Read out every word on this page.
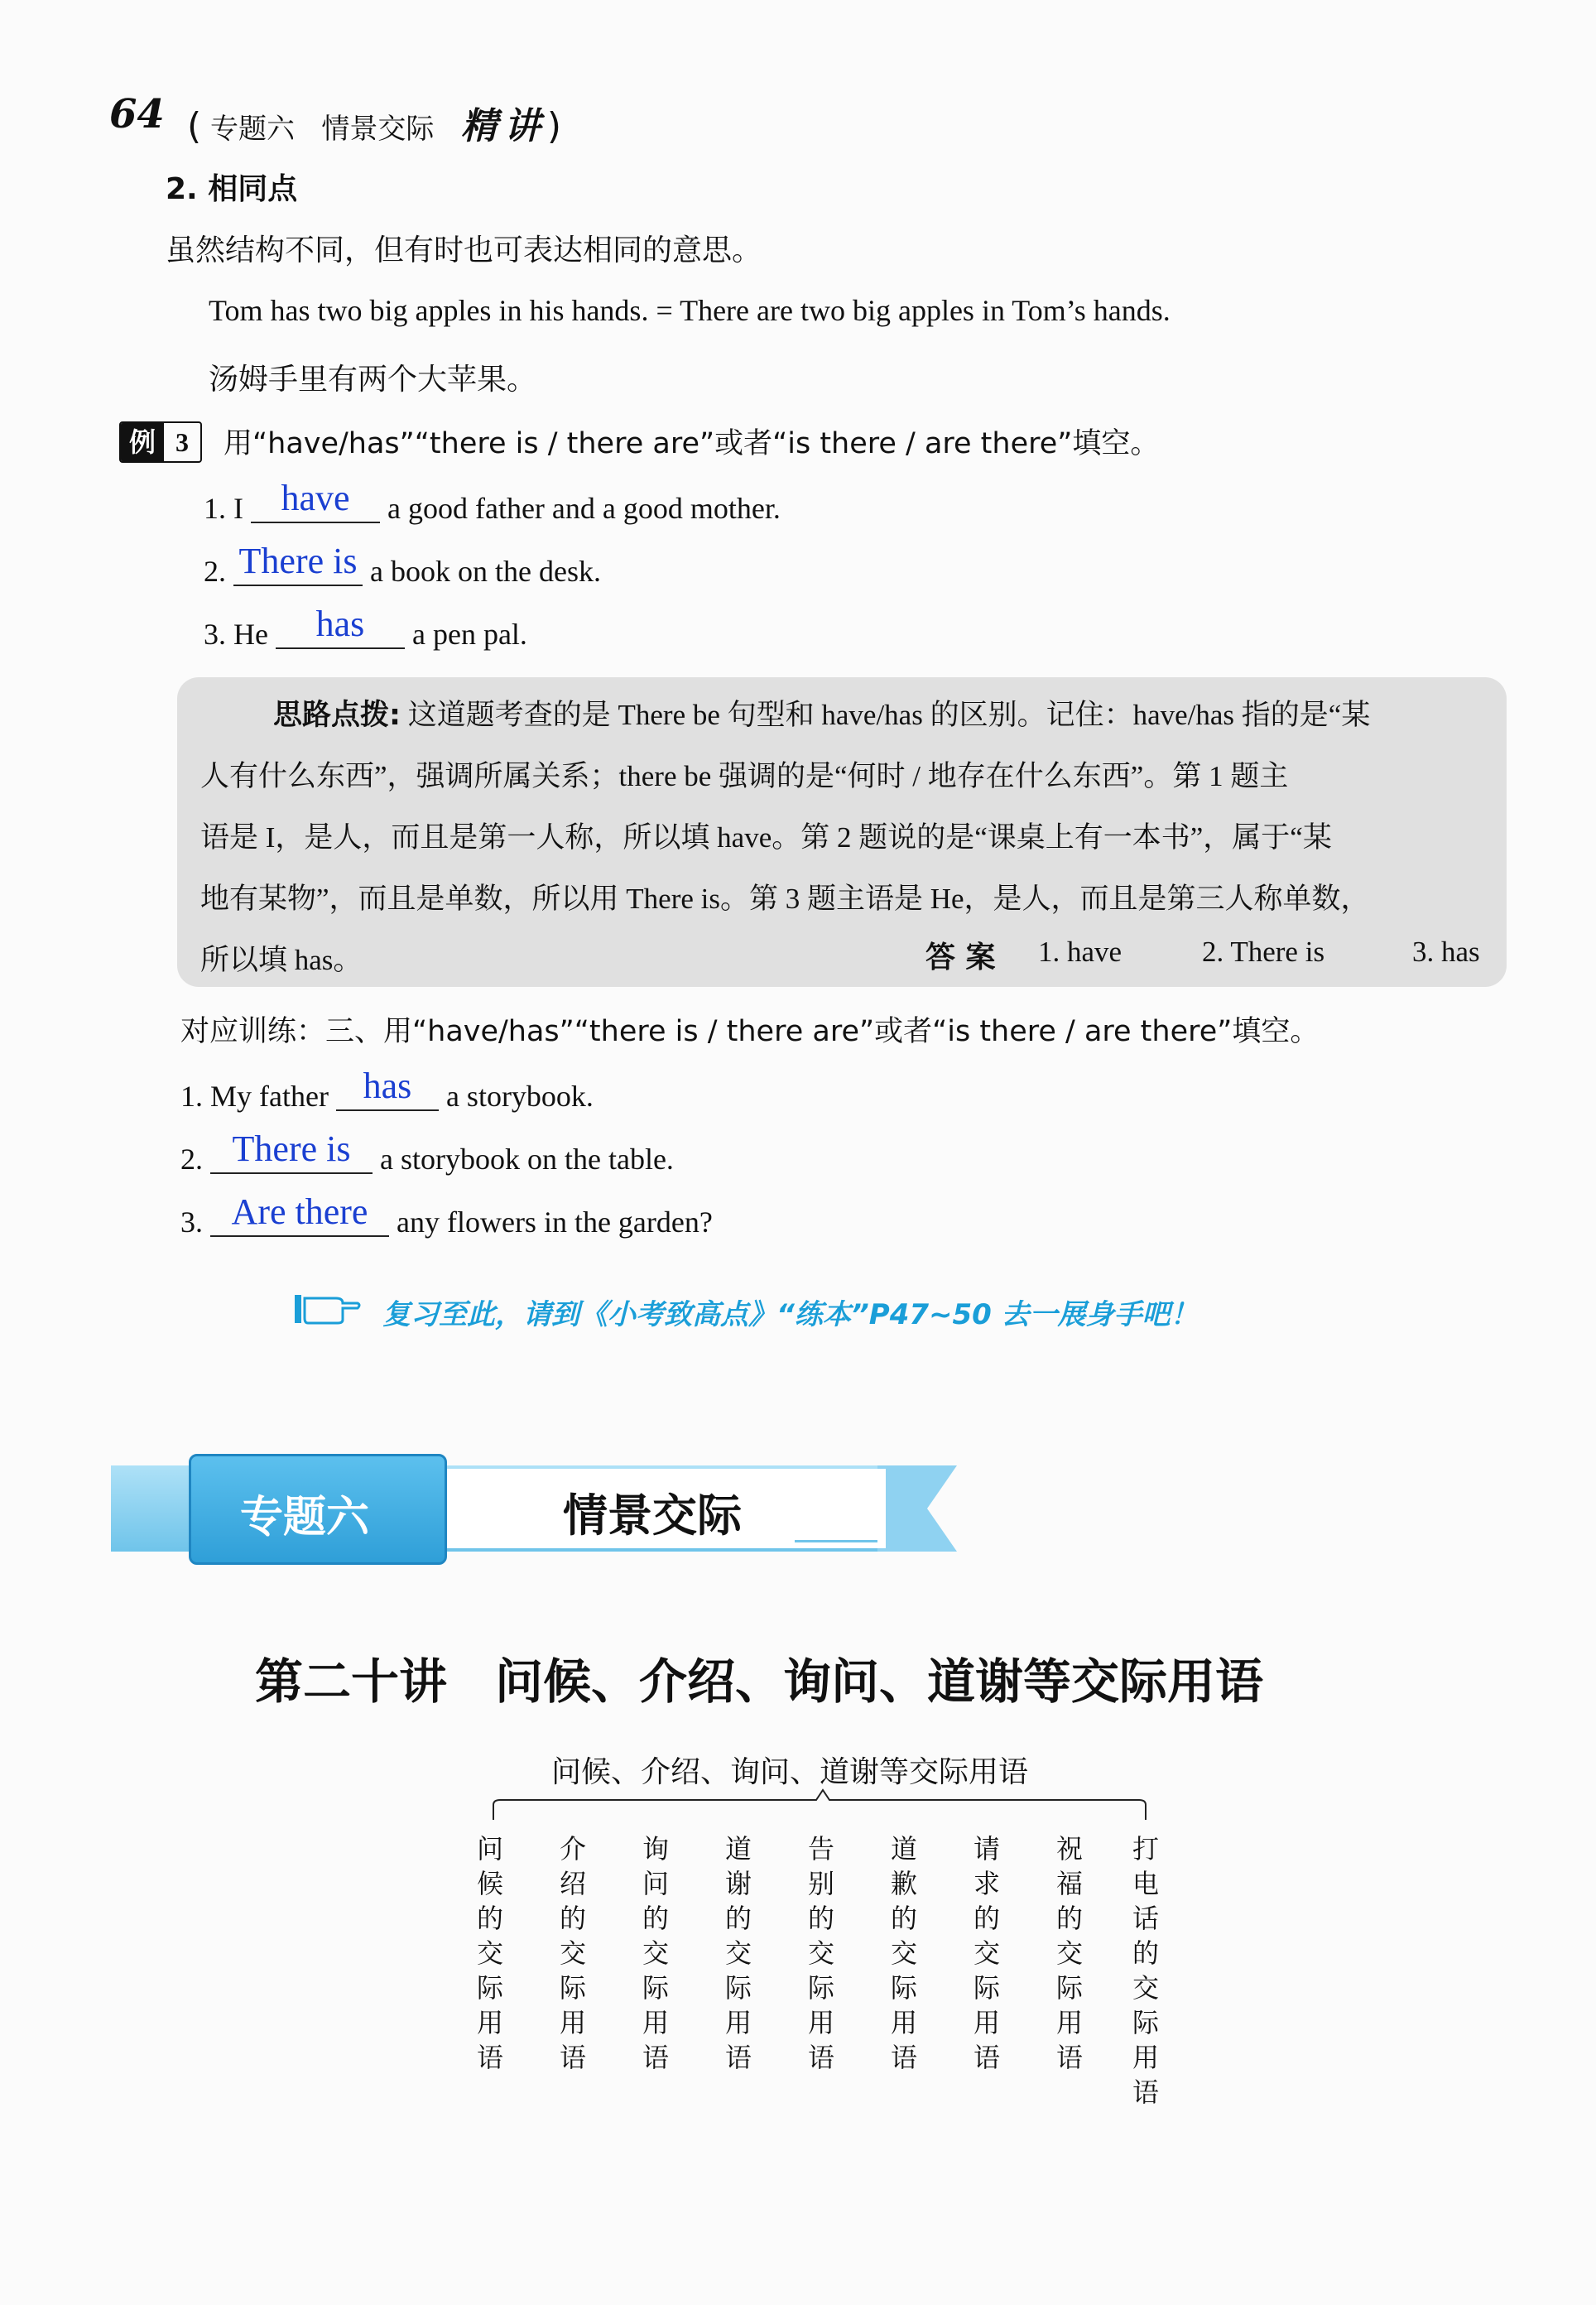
64 ( 专题六 情景交际 精讲)
2. 相同点
虽然结构不同，但有时也可表达相同的意思。
Tom has two big apples in his hands. = There are two big apples in Tom’s hands.
汤姆手里有两个大苹果。
例 3	用“have/has”“there is / there are”或者“is there / are there”填空。
1. I have a good father and a good mother.
2. There is a book on the desk.
3. He has a pen pal.
思路点拨: 这道题考查的是 There be 句型和 have/has 的区别。记住：have/has 指的是“某
人有什么东西”，强调所属关系；there be 强调的是“何时 / 地存在什么东西”。第 1 题主
语是 I，是人，而且是第一人称，所以填 have。第 2 题说的是“课桌上有一本书”，属于“某
地有某物”，而且是单数，所以用 There is。第 3 题主语是 He，是人，而且是第三人称单数，
所以填 has。	答 案 1. have	2. There is	3. has
对应训练：三、用“have/has”“there is / there are”或者“is there / are there”填空。
1. My father has a storybook.
2. There is a storybook on the table.
3. Are there any flowers in the garden?
复习至此，请到《小考致高点》“练本”P47~50 去一展身手吧！
专题六	情景交际
第二十讲　问候、介绍、询问、道谢等交际用语
问候、介绍、询问、道谢等交际用语
问候的交际用语
介绍的交际用语
询问的交际用语
道谢的交际用语
告别的交际用语
道歉的交际用语
请求的交际用语
祝福的交际用语
打电话的交际用语
